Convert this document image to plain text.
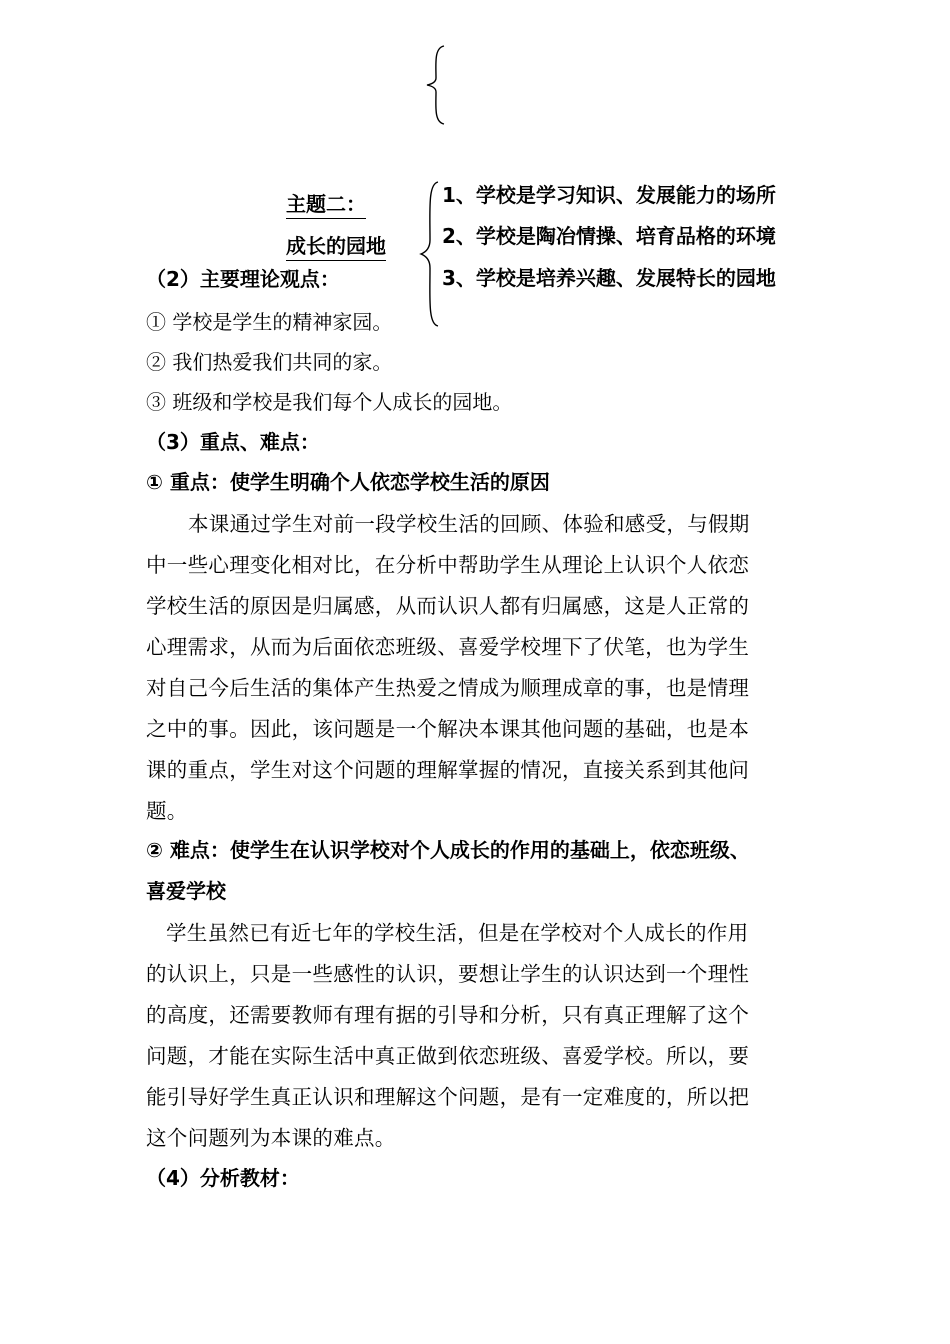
主题二：
成长的园地
1、学校是学习知识、发展能力的场所
2、学校是陶冶情操、培育品格的环境
3、学校是培养兴趣、发展特长的园地
（2）主要理论观点：
① 学校是学生的精神家园。
② 我们热爱我们共同的家。
③ 班级和学校是我们每个人成长的园地。
（3）重点、难点：
① 重点：使学生明确个人依恋学校生活的原因
本课通过学生对前一段学校生活的回顾、体验和感受，与假期
中一些心理变化相对比，在分析中帮助学生从理论上认识个人依恋
学校生活的原因是归属感，从而认识人都有归属感，这是人正常的
心理需求，从而为后面依恋班级、喜爱学校埋下了伏笔，也为学生
对自己今后生活的集体产生热爱之情成为顺理成章的事，也是情理
之中的事。因此，该问题是一个解决本课其他问题的基础，也是本
课的重点，学生对这个问题的理解掌握的情况，直接关系到其他问
题。
② 难点：使学生在认识学校对个人成长的作用的基础上，依恋班级、
喜爱学校
学生虽然已有近七年的学校生活，但是在学校对个人成长的作用
的认识上，只是一些感性的认识，要想让学生的认识达到一个理性
的高度，还需要教师有理有据的引导和分析，只有真正理解了这个
问题，才能在实际生活中真正做到依恋班级、喜爱学校。所以，要
能引导好学生真正认识和理解这个问题，是有一定难度的，所以把
这个问题列为本课的难点。
（4）分析教材：
